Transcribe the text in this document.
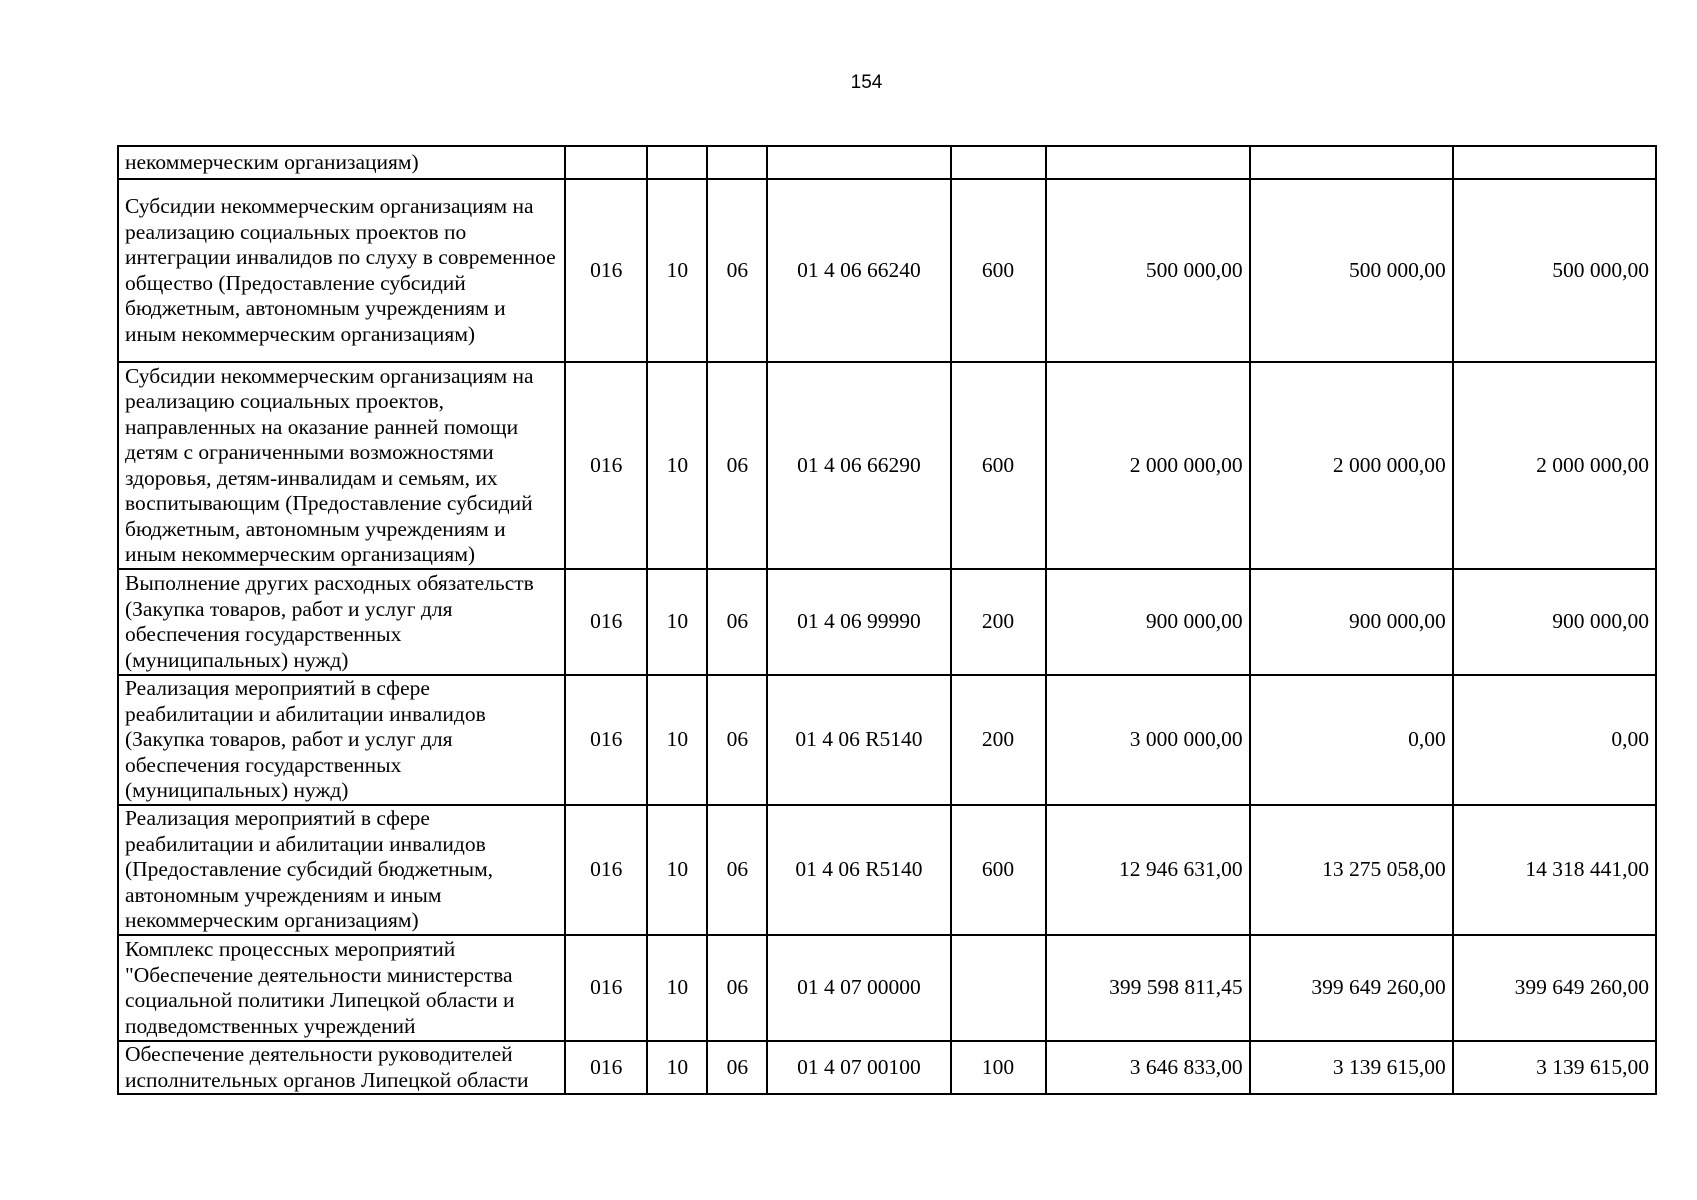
154
некоммерческим организациям)								
Субсидии некоммерческим организациям на реализацию социальных проектов по интеграции инвалидов по слуху в современное общество (Предоставление субсидий бюджетным, автономным учреждениям и иным некоммерческим организациям)	016	10	06	01 4 06 66240	600	500 000,00	500 000,00	500 000,00
Субсидии некоммерческим организациям на реализацию социальных проектов, направленных на оказание ранней помощи детям с ограниченными возможностями здоровья, детям-инвалидам и семьям, их воспитывающим (Предоставление субсидий бюджетным, автономным учреждениям и иным некоммерческим организациям)	016	10	06	01 4 06 66290	600	2 000 000,00	2 000 000,00	2 000 000,00
Выполнение других расходных обязательств (Закупка товаров, работ и услуг для обеспечения государственных (муниципальных) нужд)	016	10	06	01 4 06 99990	200	900 000,00	900 000,00	900 000,00
Реализация мероприятий в сфере реабилитации и абилитации инвалидов (Закупка товаров, работ и услуг для обеспечения государственных (муниципальных) нужд)	016	10	06	01 4 06 R5140	200	3 000 000,00	0,00	0,00
Реализация мероприятий в сфере реабилитации и абилитации инвалидов (Предоставление субсидий бюджетным, автономным учреждениям и иным некоммерческим организациям)	016	10	06	01 4 06 R5140	600	12 946 631,00	13 275 058,00	14 318 441,00
Комплекс процессных мероприятий "Обеспечение деятельности министерства социальной политики Липецкой области и подведомственных учреждений	016	10	06	01 4 07 00000		399 598 811,45	399 649 260,00	399 649 260,00
Обеспечение деятельности руководителей исполнительных органов Липецкой области	016	10	06	01 4 07 00100	100	3 646 833,00	3 139 615,00	3 139 615,00
